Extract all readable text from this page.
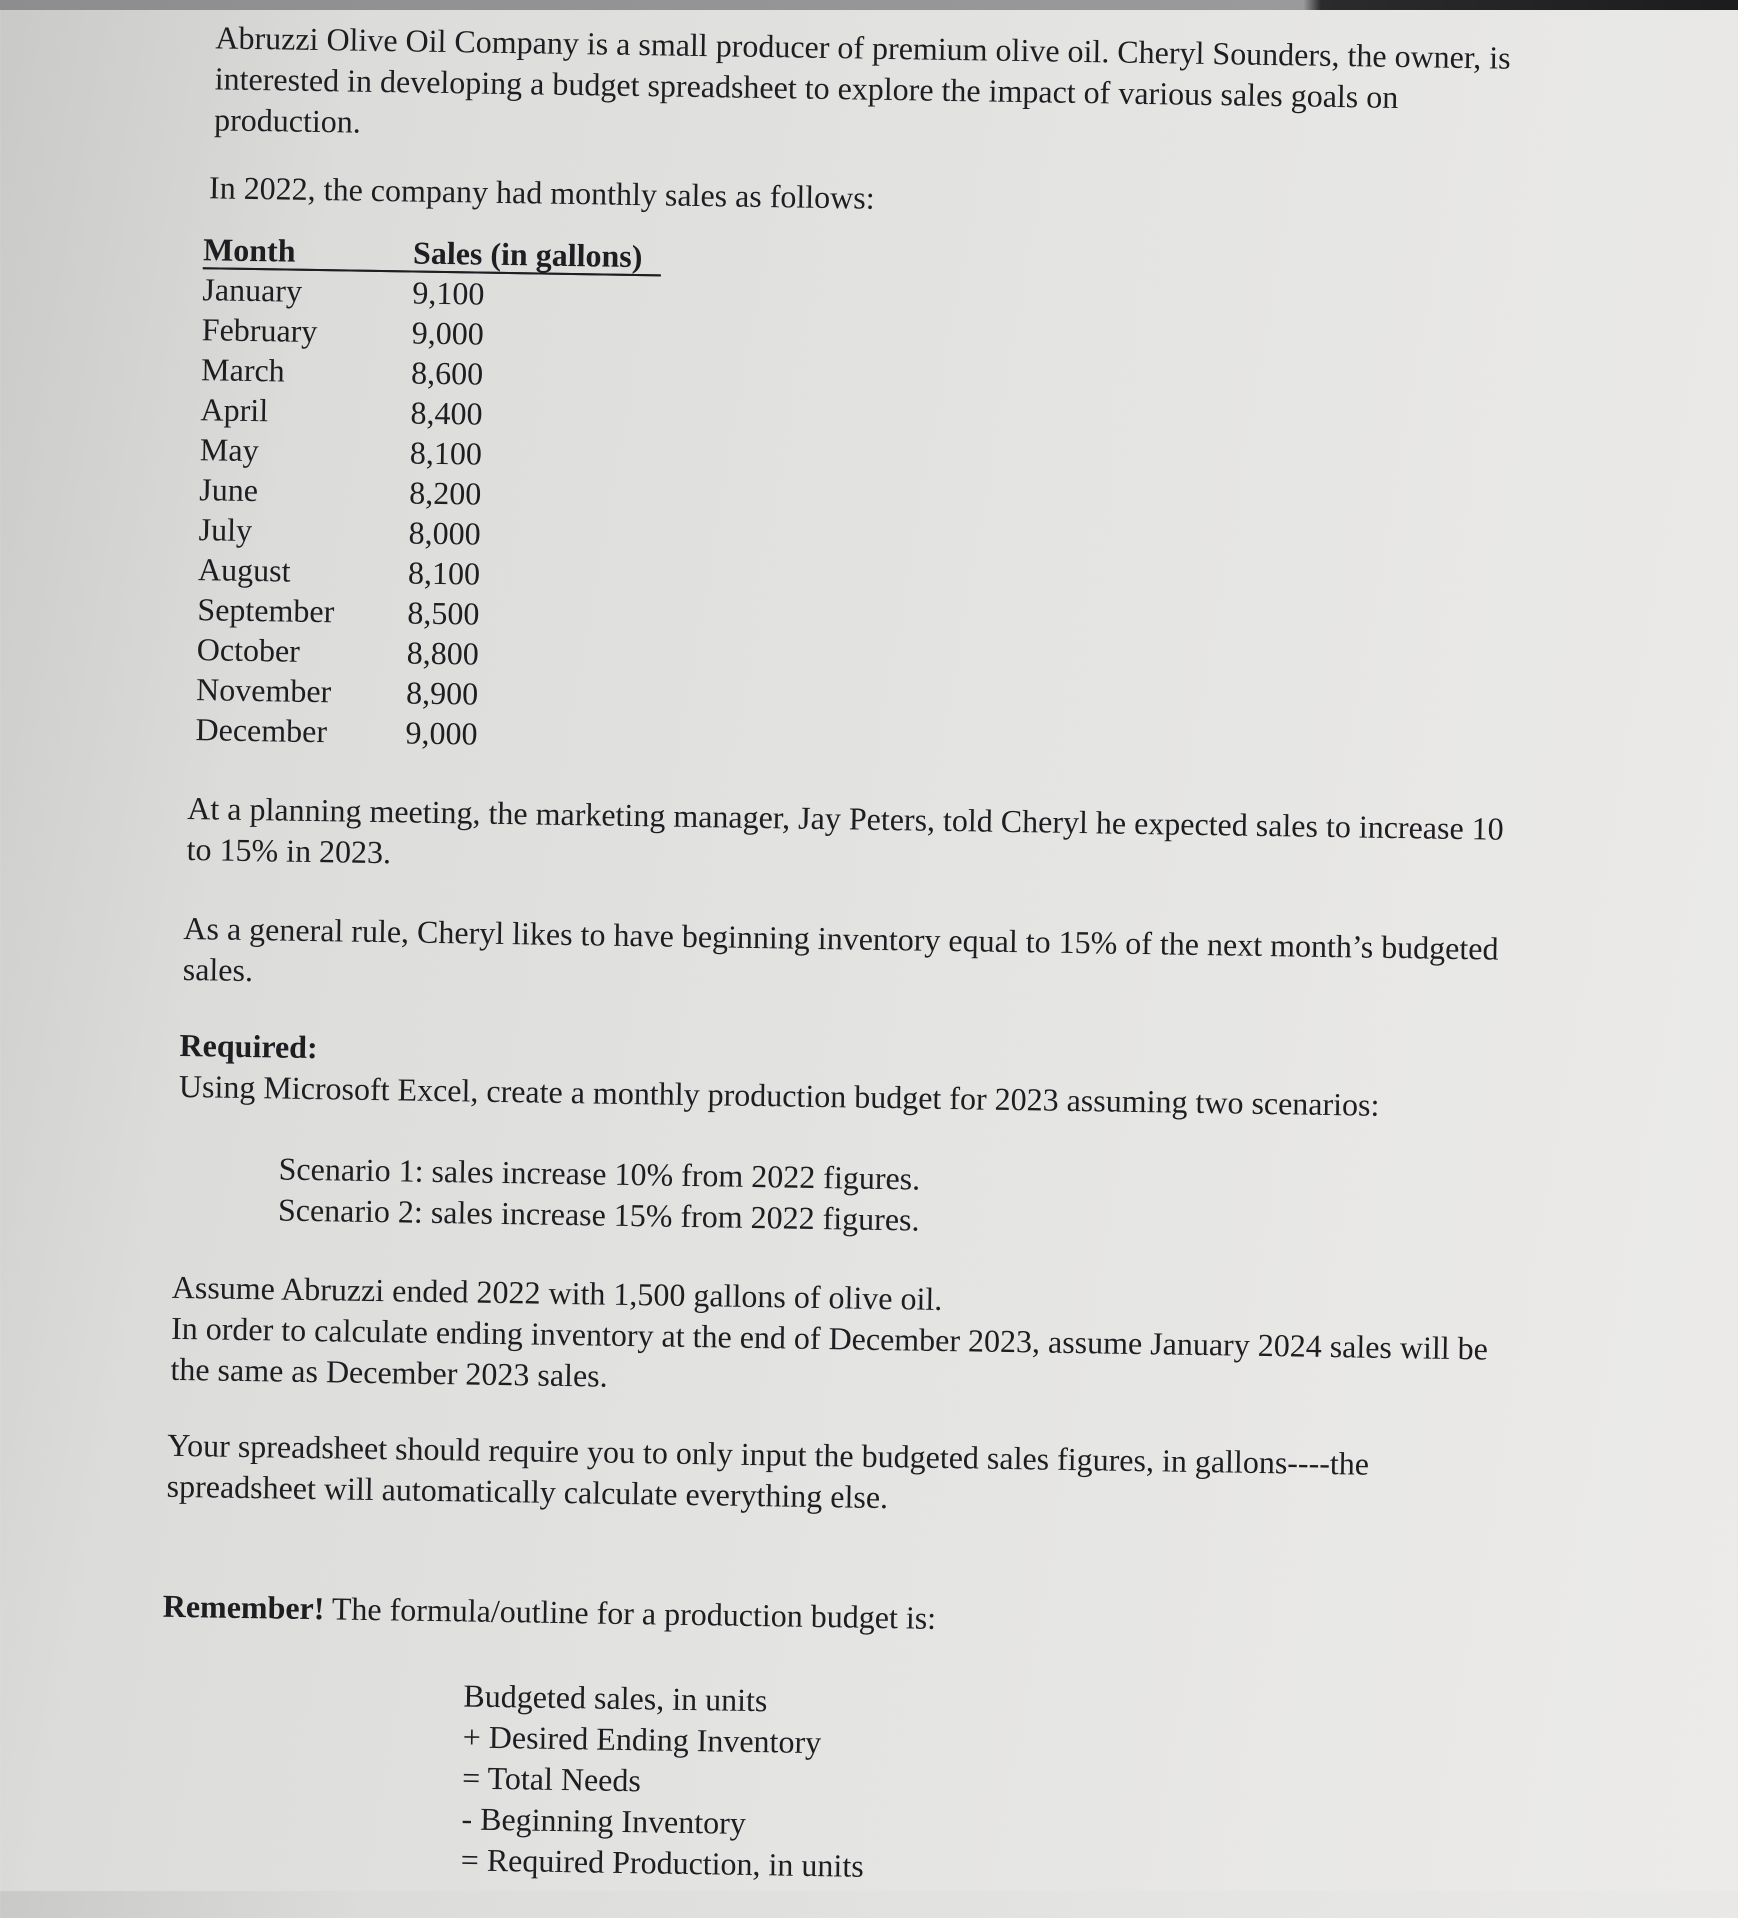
Abruzzi Olive Oil Company is a small producer of premium olive oil. Cheryl Sounders, the owner, is interested in developing a budget spreadsheet to explore the impact of various sales goals on production.

In 2022, the company had monthly sales as follows:

Month	Sales (in gallons)
January	9,100
February	9,000
March	8,600
April	8,400
May	8,100
June	8,200
July	8,000
August	8,100
September	8,500
October	8,800
November	8,900
December	9,000

At a planning meeting, the marketing manager, Jay Peters, told Cheryl he expected sales to increase 10 to 15% in 2023.

As a general rule, Cheryl likes to have beginning inventory equal to 15% of the next month’s budgeted sales.

Required:
Using Microsoft Excel, create a monthly production budget for 2023 assuming two scenarios:

Scenario 1: sales increase 10% from 2022 figures.
Scenario 2: sales increase 15% from 2022 figures.

Assume Abruzzi ended 2022 with 1,500 gallons of olive oil.
In order to calculate ending inventory at the end of December 2023, assume January 2024 sales will be the same as December 2023 sales.

Your spreadsheet should require you to only input the budgeted sales figures, in gallons----the spreadsheet will automatically calculate everything else.

Remember! The formula/outline for a production budget is:

Budgeted sales, in units
+ Desired Ending Inventory
= Total Needs
- Beginning Inventory
= Required Production, in units
